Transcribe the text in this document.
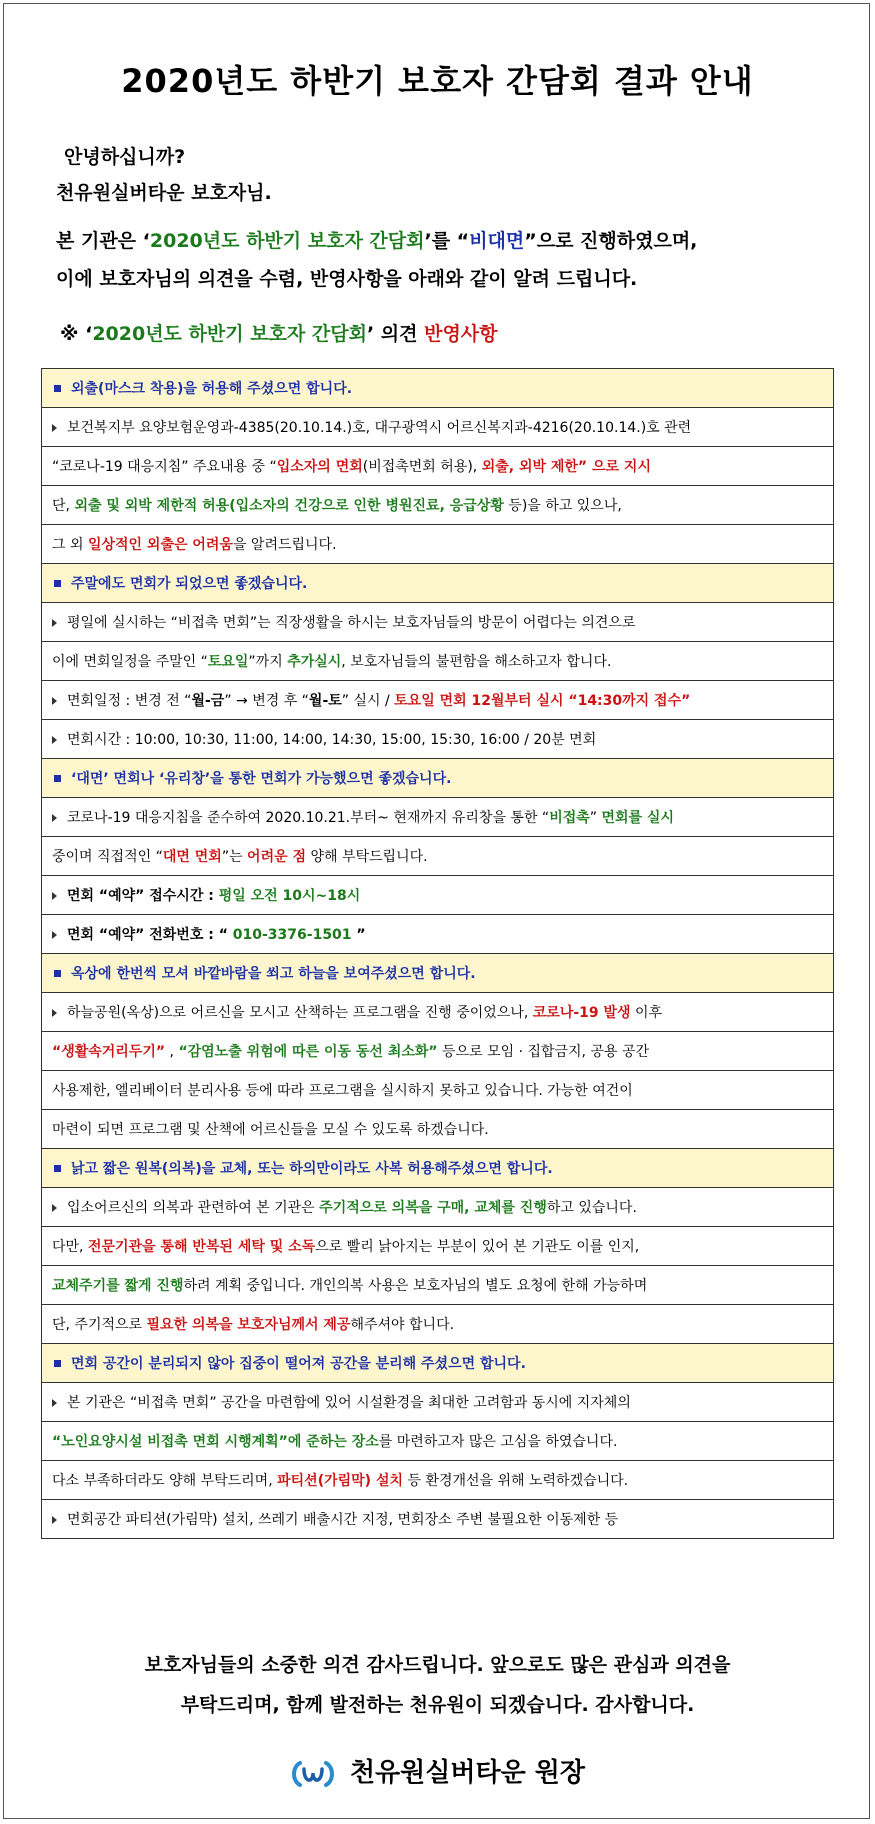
2020년도 하반기 보호자 간담회 결과 안내
안녕하십니까?
천유원실버타운 보호자님.
본 기관은 ‘2020년도 하반기 보호자 간담회’를 “비대면”으로 진행하였으며,
이에 보호자님의 의견을 수렴, 반영사항을 아래와 같이 알려 드립니다.
※ ‘2020년도 하반기 보호자 간담회’ 의견 반영사항
외출(마스크 착용)을 허용해 주셨으면 합니다.
보건복지부 요양보험운영과-4385(20.10.14.)호, 대구광역시 어르신복지과-4216(20.10.14.)호 관련
“코로나-19 대응지침” 주요내용 중 “입소자의 면회(비접촉면회 허용), 외출, 외박 제한” 으로 지시
단, 외출 및 외박 제한적 허용(입소자의 건강으로 인한 병원진료, 응급상황 등)을 하고 있으나,
그 외 일상적인 외출은 어려움을 알려드립니다.
주말에도 면회가 되었으면 좋겠습니다.
평일에 실시하는 “비접촉 면회”는 직장생활을 하시는 보호자님들의 방문이 어렵다는 의견으로
이에 면회일정을 주말인 “토요일”까지 추가실시, 보호자님들의 불편함을 해소하고자 합니다.
면회일정 : 변경 전 “월-금” → 변경 후 “월-토” 실시 / 토요일 면회 12월부터 실시 “14:30까지 접수”
면회시간 : 10:00, 10:30, 11:00, 14:00, 14:30, 15:00, 15:30, 16:00 / 20분 면회
‘대면’ 면회나 ‘유리창’을 통한 면회가 가능했으면 좋겠습니다.
코로나-19 대응지침을 준수하여 2020.10.21.부터~ 현재까지 유리창을 통한 “비접촉” 면회를 실시
중이며 직접적인 “대면 면회”는 어려운 점 양해 부탁드립니다.
면회 “예약” 접수시간 : 평일 오전 10시~18시
면회 “예약” 전화번호 : “ 010-3376-1501 ”
옥상에 한번씩 모셔 바깥바람을 쐬고 하늘을 보여주셨으면 합니다.
하늘공원(옥상)으로 어르신을 모시고 산책하는 프로그램을 진행 중이었으나, 코로나-19 발생 이후
“생활속거리두기” , “감염노출 위험에 따른 이동 동선 최소화” 등으로 모임 · 집합금지, 공용 공간
사용제한, 엘리베이터 분리사용 등에 따라 프로그램을 실시하지 못하고 있습니다. 가능한 여건이
마련이 되면 프로그램 및 산책에 어르신들을 모실 수 있도록 하겠습니다.
낡고 짧은 원복(의복)을 교체, 또는 하의만이라도 사복 허용해주셨으면 합니다.
입소어르신의 의복과 관련하여 본 기관은 주기적으로 의복을 구매, 교체를 진행하고 있습니다.
다만, 전문기관을 통해 반복된 세탁 및 소독으로 빨리 낡아지는 부분이 있어 본 기관도 이를 인지,
교체주기를 짧게 진행하려 계획 중입니다. 개인의복 사용은 보호자님의 별도 요청에 한해 가능하며
단, 주기적으로 필요한 의복을 보호자님께서 제공해주셔야 합니다.
면회 공간이 분리되지 않아 집중이 떨어져 공간을 분리해 주셨으면 합니다.
본 기관은 “비접촉 면회” 공간을 마련함에 있어 시설환경을 최대한 고려함과 동시에 지자체의
“노인요양시설 비접촉 면회 시행계획”에 준하는 장소를 마련하고자 많은 고심을 하였습니다.
다소 부족하더라도 양해 부탁드리며, 파티션(가림막) 설치 등 환경개선을 위해 노력하겠습니다.
면회공간 파티션(가림막) 설치, 쓰레기 배출시간 지정, 면회장소 주변 불필요한 이동제한 등
보호자님들의 소중한 의견 감사드립니다. 앞으로도 많은 관심과 의견을
부탁드리며, 함께 발전하는 천유원이 되겠습니다. 감사합니다.
천유원실버타운 원장
